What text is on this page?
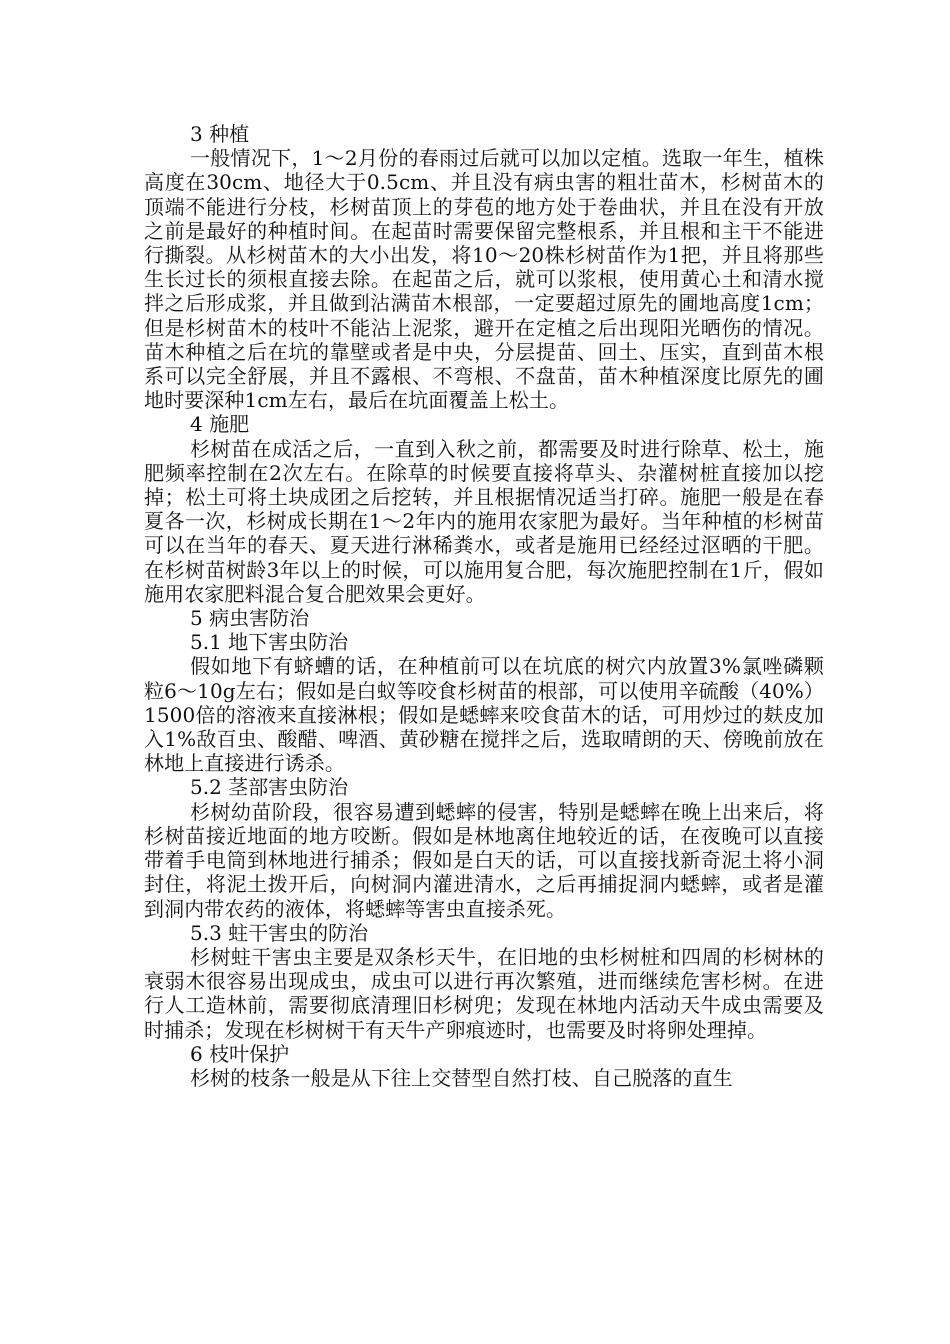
3 种植

一般情况下，1～2月份的春雨过后就可以加以定植。选取一年生，植株高度在30cm、地径大于0.5cm、并且没有病虫害的粗壮苗木，杉树苗木的顶端不能进行分枝，杉树苗顶上的芽苞的地方处于卷曲状，并且在没有开放之前是最好的种植时间。在起苗时需要保留完整根系，并且根和主干不能进行撕裂。从杉树苗木的大小出发，将10～20株杉树苗作为1把，并且将那些生长过长的须根直接去除。在起苗之后，就可以浆根，使用黄心土和清水搅拌之后形成浆，并且做到沾满苗木根部，一定要超过原先的圃地高度1cm；但是杉树苗木的枝叶不能沾上泥浆，避开在定植之后出现阳光晒伤的情况。苗木种植之后在坑的靠壁或者是中央，分层提苗、回土、压实，直到苗木根系可以完全舒展，并且不露根、不弯根、不盘苗，苗木种植深度比原先的圃地时要深种1cm左右，最后在坑面覆盖上松土。

4 施肥

杉树苗在成活之后，一直到入秋之前，都需要及时进行除草、松土，施肥频率控制在2次左右。在除草的时候要直接将草头、杂灌树桩直接加以挖掉；松土可将土块成团之后挖转，并且根据情况适当打碎。施肥一般是在春夏各一次，杉树成长期在1～2年内的施用农家肥为最好。当年种植的杉树苗可以在当年的春天、夏天进行淋稀粪水，或者是施用已经经过沤晒的干肥。在杉树苗树龄3年以上的时候，可以施用复合肥，每次施肥控制在1斤，假如施用农家肥料混合复合肥效果会更好。

5 病虫害防治

5.1 地下害虫防治

假如地下有蛴螬的话，在种植前可以在坑底的树穴内放置3%氯唑磷颗粒6～10g左右；假如是白蚁等咬食杉树苗的根部，可以使用辛硫酸（40%）1500倍的溶液来直接淋根；假如是蟋蟀来咬食苗木的话，可用炒过的麸皮加入1%敌百虫、酸醋、啤酒、黄砂糖在搅拌之后，选取晴朗的天、傍晚前放在林地上直接进行诱杀。

5.2 茎部害虫防治

杉树幼苗阶段，很容易遭到蟋蟀的侵害，特别是蟋蟀在晚上出来后，将杉树苗接近地面的地方咬断。假如是林地离住地较近的话，在夜晚可以直接带着手电筒到林地进行捕杀；假如是白天的话，可以直接找新奇泥土将小洞封住，将泥土拨开后，向树洞内灌进清水，之后再捕捉洞内蟋蟀，或者是灌到洞内带农药的液体，将蟋蟀等害虫直接杀死。

5.3 蛀干害虫的防治

杉树蛀干害虫主要是双条杉天牛，在旧地的虫杉树桩和四周的杉树林的衰弱木很容易出现成虫，成虫可以进行再次繁殖，进而继续危害杉树。在进行人工造林前，需要彻底清理旧杉树兜；发现在林地内活动天牛成虫需要及时捕杀；发现在杉树树干有天牛产卵痕迹时，也需要及时将卵处理掉。

6 枝叶保护

杉树的枝条一般是从下往上交替型自然打枝、自己脱落的直生
